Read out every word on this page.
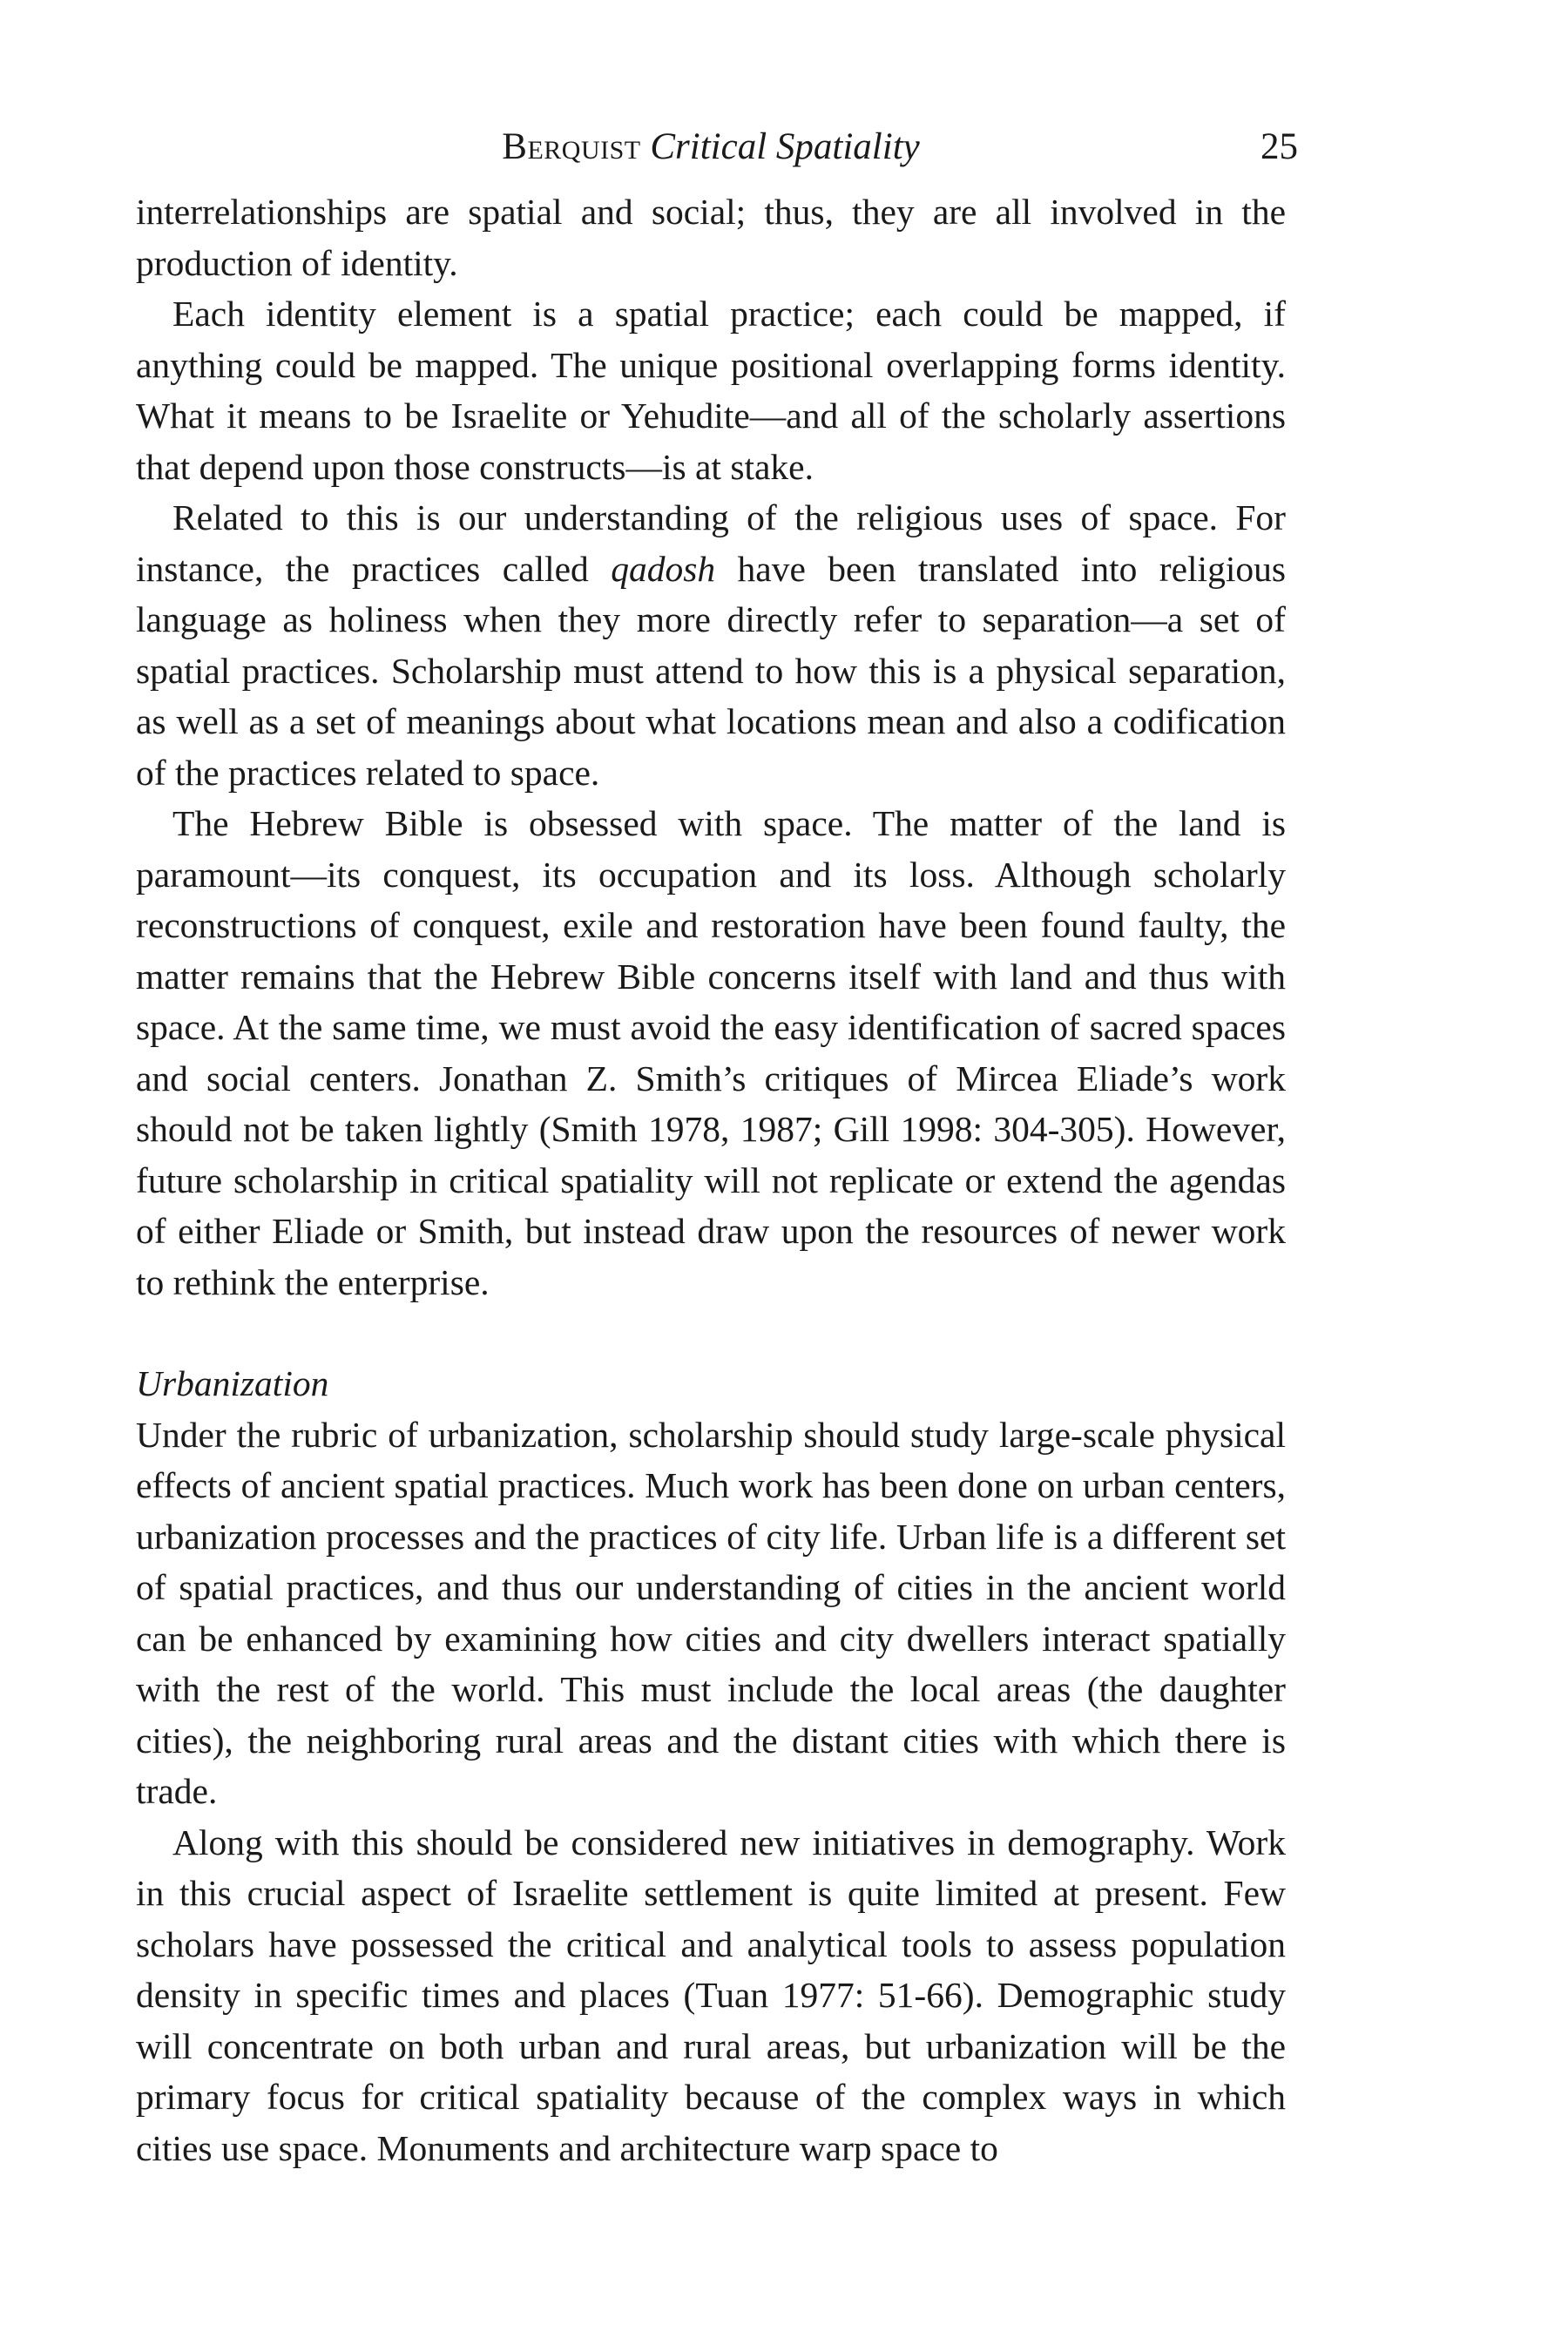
Berquist Critical Spatiality	25

interrelationships are spatial and social; thus, they are all involved in the production of identity.

Each identity element is a spatial practice; each could be mapped, if anything could be mapped. The unique positional overlapping forms identity. What it means to be Israelite or Yehudite—and all of the scholarly assertions that depend upon those constructs—is at stake.

Related to this is our understanding of the religious uses of space. For instance, the practices called qadosh have been translated into religious language as holiness when they more directly refer to separation—a set of spatial practices. Scholarship must attend to how this is a physical separation, as well as a set of meanings about what locations mean and also a codification of the practices related to space.

The Hebrew Bible is obsessed with space. The matter of the land is paramount—its conquest, its occupation and its loss. Although scholarly reconstructions of conquest, exile and restoration have been found faulty, the matter remains that the Hebrew Bible concerns itself with land and thus with space. At the same time, we must avoid the easy identification of sacred spaces and social centers. Jonathan Z. Smith’s critiques of Mircea Eliade’s work should not be taken lightly (Smith 1978, 1987; Gill 1998: 304-305). However, future scholarship in critical spatiality will not replicate or extend the agendas of either Eliade or Smith, but instead draw upon the resources of newer work to rethink the enterprise.

Urbanization

Under the rubric of urbanization, scholarship should study large-scale physical effects of ancient spatial practices. Much work has been done on urban centers, urbanization processes and the practices of city life. Urban life is a different set of spatial practices, and thus our understanding of cities in the ancient world can be enhanced by examining how cities and city dwellers interact spatially with the rest of the world. This must include the local areas (the daughter cities), the neighboring rural areas and the distant cities with which there is trade.

Along with this should be considered new initiatives in demography. Work in this crucial aspect of Israelite settlement is quite limited at present. Few scholars have possessed the critical and analytical tools to assess population density in specific times and places (Tuan 1977: 51-66). Demographic study will concentrate on both urban and rural areas, but urbanization will be the primary focus for critical spatiality because of the complex ways in which cities use space. Monuments and architecture warp space to
